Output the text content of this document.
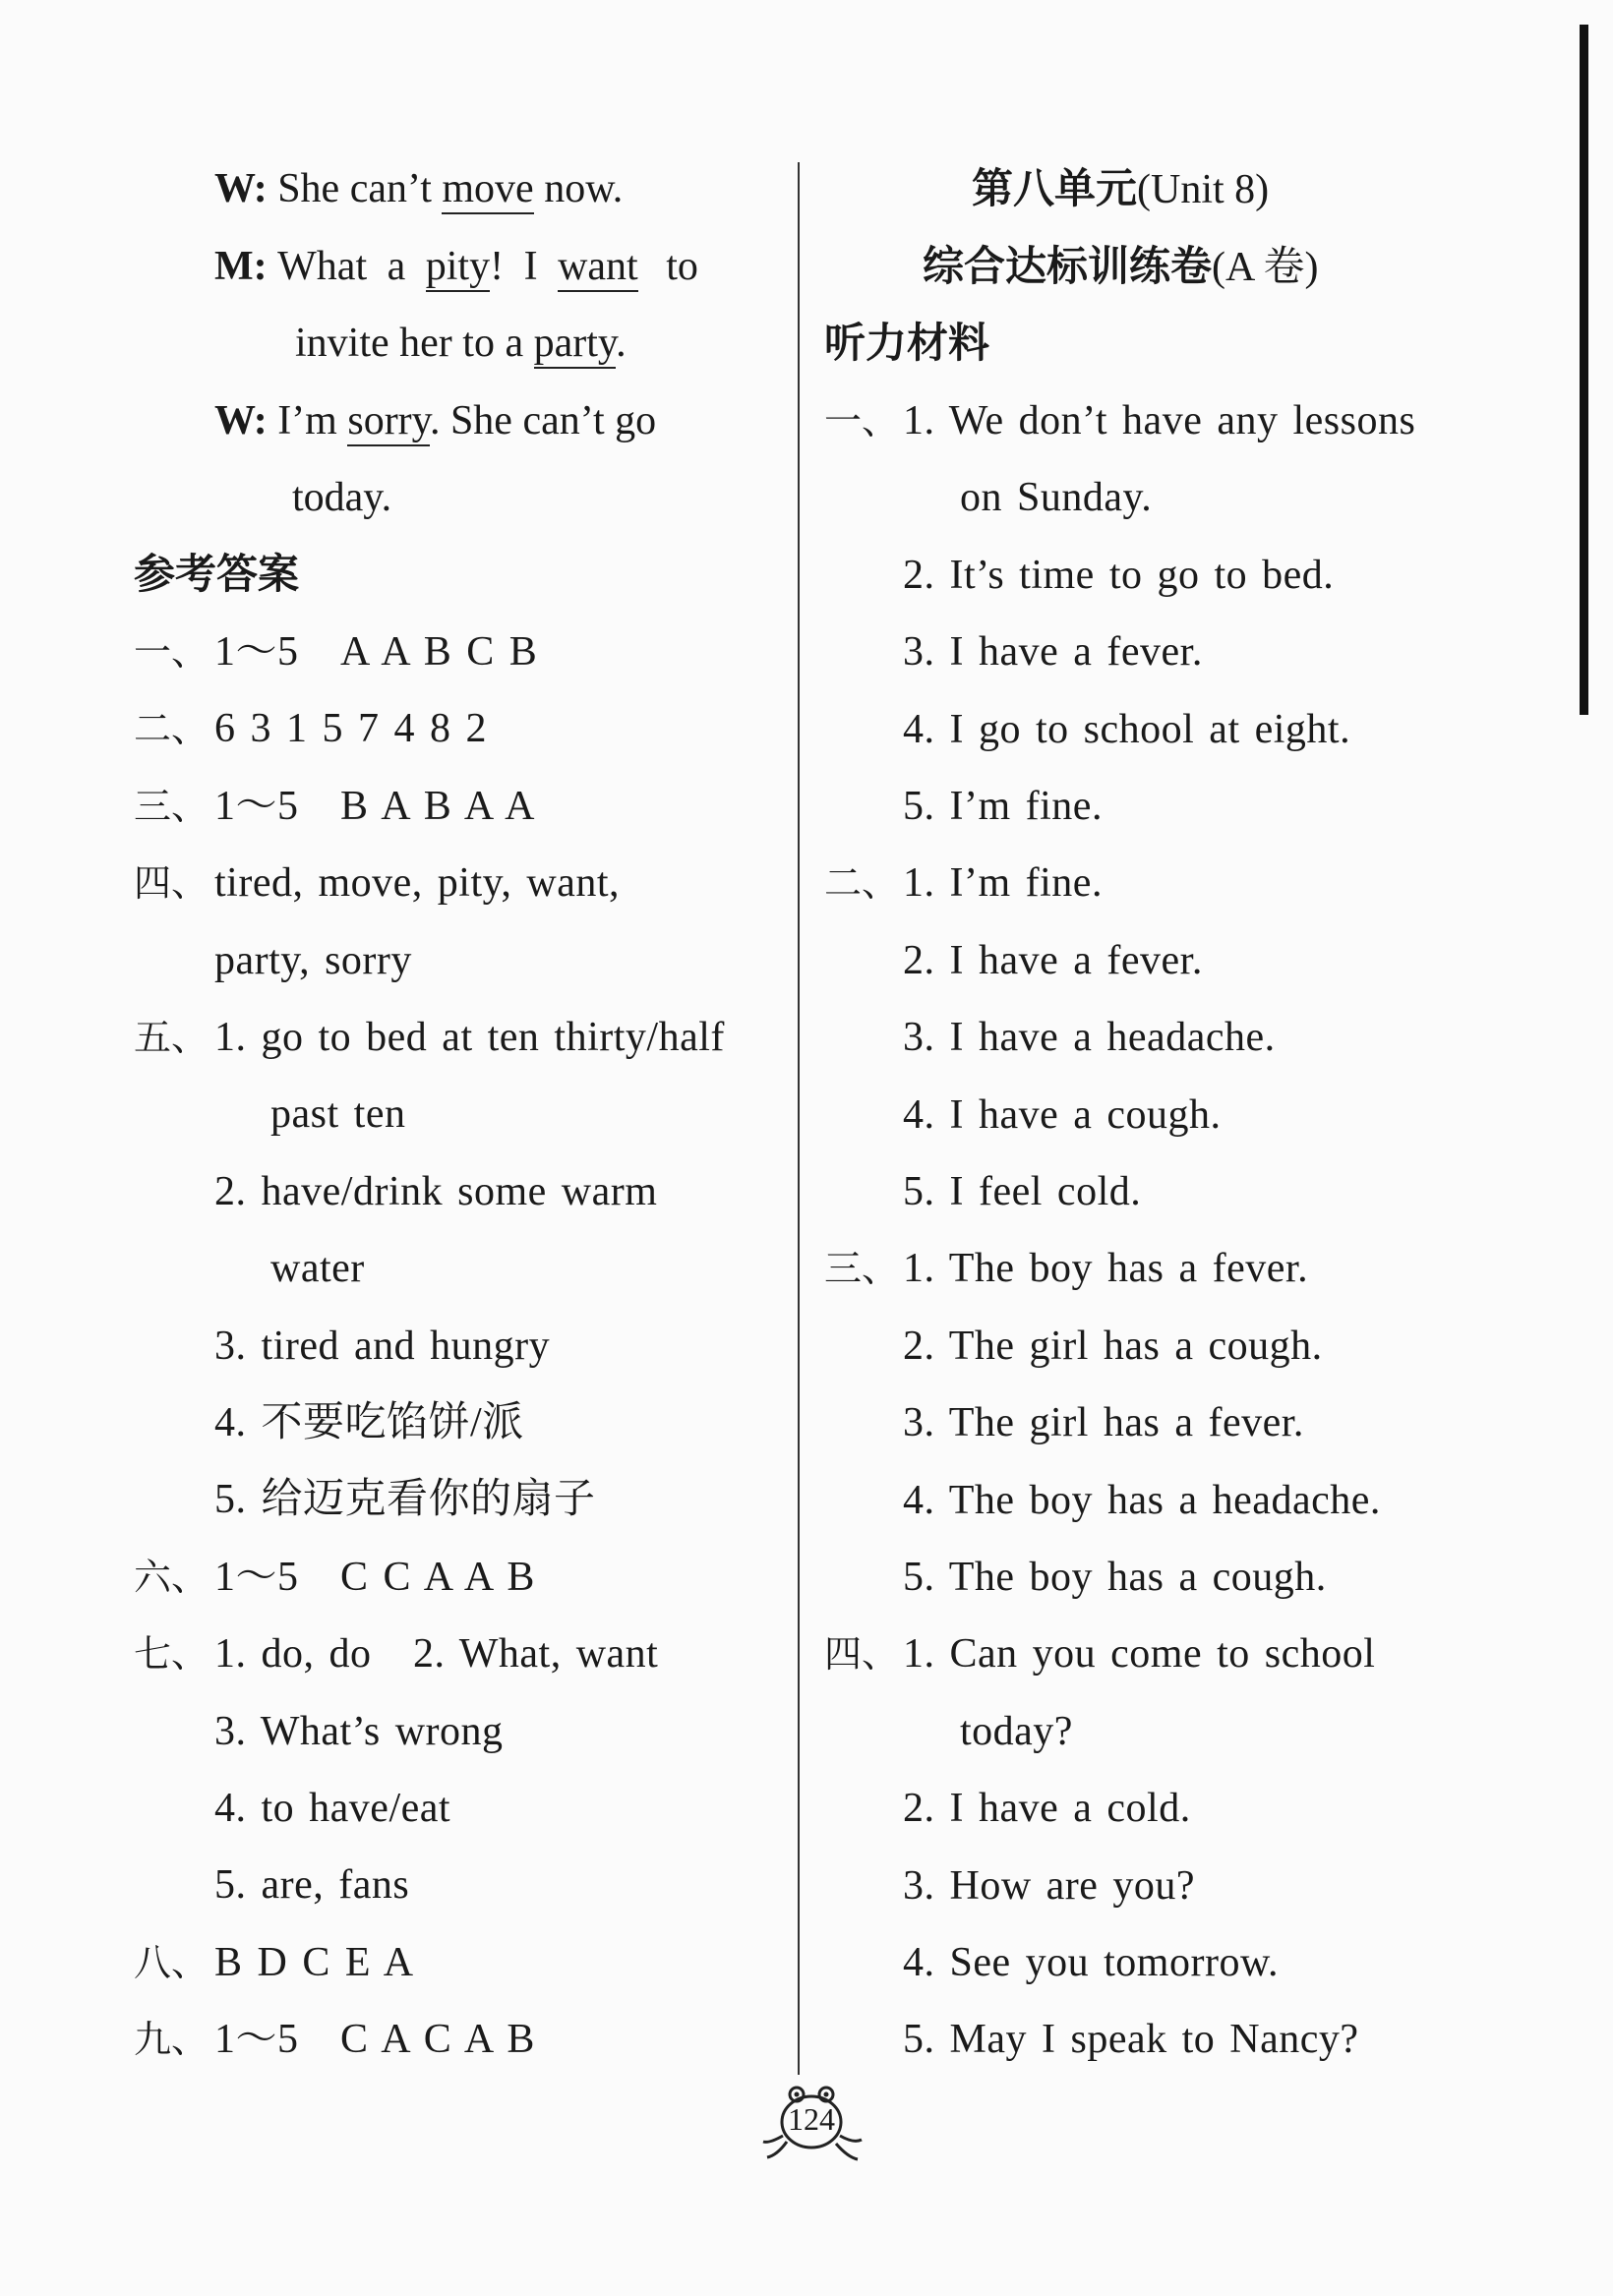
W: She can’t move now.
M: What a pity! I want to
invite her to a party.
W: I’m sorry. She can’t go
today.
参考答案
一、 1～5　A A B C B
二、 6 3 1 5 7 4 8 2
三、 1～5　B A B A A
四、 tired, move, pity, want,
party, sorry
五、 1. go to bed at ten thirty/half
past ten
2. have/drink some warm
water
3. tired and hungry
4. 不要吃馅饼/派
5. 给迈克看你的扇子
六、 1～5　C C A A B
七、 1. do, do　2. What, want
3. What’s wrong
4. to have/eat
5. are, fans
八、 B D C E A
九、 1～5　C A C A B
第八单元(Unit 8)
综合达标训练卷(A 卷)
听力材料
一、 1. We don’t have any lessons
on Sunday.
2. It’s time to go to bed.
3. I have a fever.
4. I go to school at eight.
5. I’m fine.
二、 1. I’m fine.
2. I have a fever.
3. I have a headache.
4. I have a cough.
5. I feel cold.
三、 1. The boy has a fever.
2. The girl has a cough.
3. The girl has a fever.
4. The boy has a headache.
5. The boy has a cough.
四、 1. Can you come to school
today?
2. I have a cold.
3. How are you?
4. See you tomorrow.
5. May I speak to Nancy?
124
